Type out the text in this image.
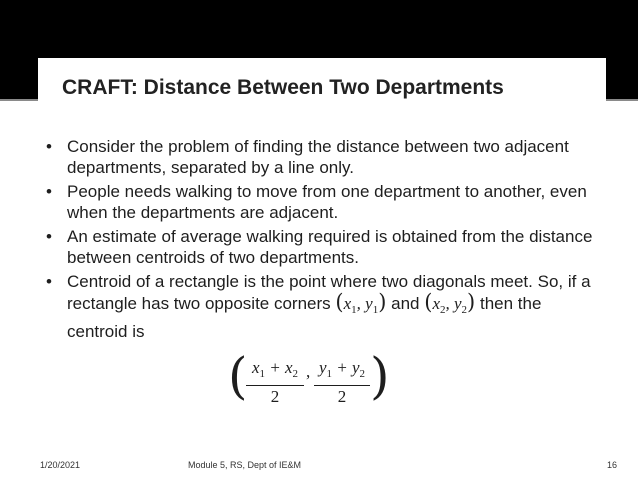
CRAFT: Distance Between Two Departments
• Consider the problem of finding the distance between two adjacent departments, separated by a line only.
• People needs walking to move from one department to another, even when the departments are adjacent.
• An estimate of average walking required is obtained from the distance between centroids of two departments.
• Centroid of a rectangle is the point where two diagonals meet. So, if a rectangle has two opposite corners ($x_1$, $y_1$) and ($x_2$, $y_2$) then the centroid is
( $x_1 + x_2$
2
, $y_1 + y_2$
2 )
1/20/2021	Module 5, RS, Dept of IE&M	16
